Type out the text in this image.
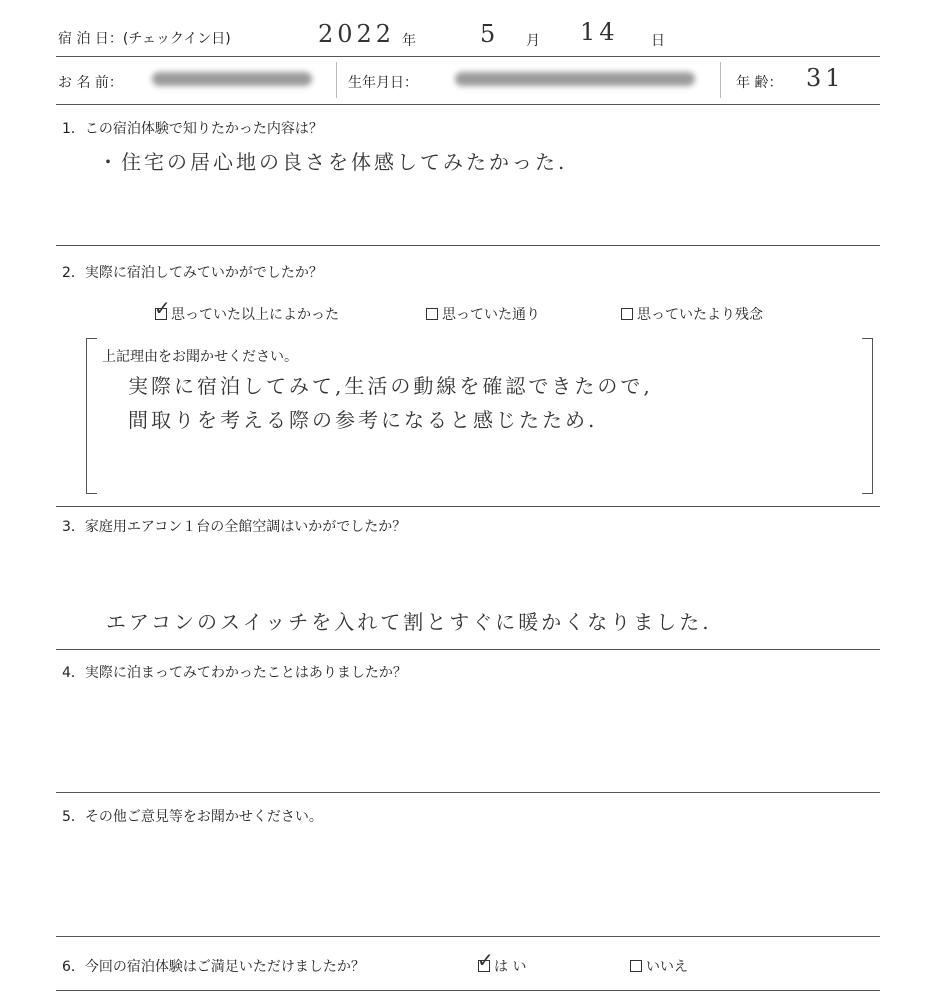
宿 泊 日：(チェックイン日)	2022 年	5 月 14 日
お 名 前：	生年月日：	年 齢： 31
1．この宿泊体験で知りたかった内容は？
・住宅の居心地の良さを体感してみたかった.
2．実際に宿泊してみていかがでしたか？
✓ 思っていた以上によかった	思っていた通り	思っていたより残念
上記理由をお聞かせください。
実際に宿泊してみて,生活の動線を確認できたので,
間取りを考える際の参考になると感じたため.
3．家庭用エアコン１台の全館空調はいかがでしたか？
エアコンのスイッチを入れて割とすぐに暖かくなりました.
4．実際に泊まってみてわかったことはありましたか？
5．その他ご意見等をお聞かせください。
6．今回の宿泊体験はご満足いただけましたか？	✓ は い	いいえ
